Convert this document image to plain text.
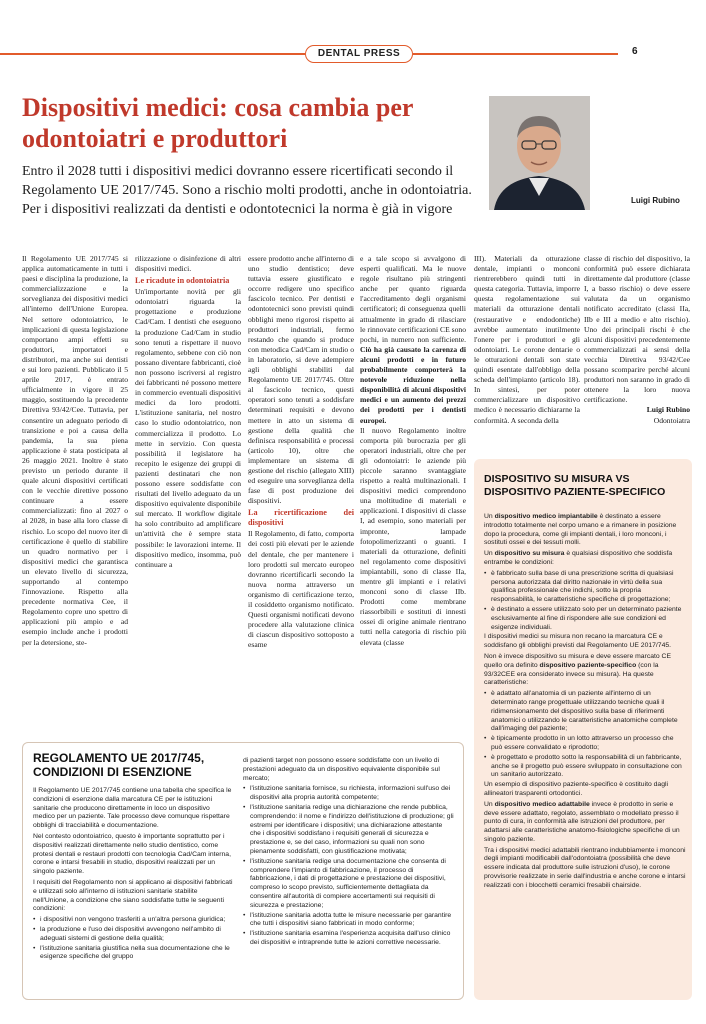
DENTAL PRESS	6
Dispositivi medici: cosa cambia per odontoiatri e produttori

Entro il 2028 tutti i dispositivi medici dovranno essere ricertificati secondo il Regolamento UE 2017/745. Sono a rischio molti prodotti, anche in odontoiatria. Per i dispositivi realizzati da dentisti e odontotecnici la norma è già in vigore

Luigi Rubino

Il Regolamento UE 2017/745 si applica automaticamente in tutti i paesi e disciplina la produzione, la commercializzazione e la sorveglianza dei dispositivi medici all'interno dell'Unione Europea. Nel settore odontoiatrico, le implicazioni di questa legislazione comportano ampi effetti su produttori, importatori e distributori, ma anche sui dentisti e sui loro pazienti. Pubblicato il 5 aprile 2017, è entrato ufficialmente in vigore il 25 maggio, sostituendo la precedente Direttiva 93/42/Cee. Tuttavia, per consentire un adeguato periodo di transizione e poi a causa della pandemia, la sua piena applicazione è stata posticipata al 26 maggio 2021. Inoltre è stato previsto un periodo durante il quale alcuni dispositivi certificati con le vecchie direttive possono continuare a essere commercializzati: fino al 2027 o al 2028, in base alla loro classe di rischio. Lo scopo del nuovo iter di certificazione è quello di stabilire un quadro normativo per i dispositivi medici che garantisca un elevato livello di sicurezza, supportando al contempo l'innovazione. Rispetto alla precedente normativa Cee, il Regolamento copre uno spettro di applicazioni più ampio e ad esempio include anche i prodotti per la detersione, ste-

rilizzazione o disinfezione di altri dispositivi medici.

Le ricadute in odontoiatria

Un'importante novità per gli odontoiatri riguarda la progettazione e produzione Cad/Cam. I dentisti che eseguono la produzione Cad/Cam in studio sono tenuti a rispettare il nuovo regolamento, sebbene con ciò non possano diventare fabbricanti, cioè non possono iscriversi al registro dei fabbricanti né possono mettere in commercio eventuali dispositivi medici da loro prodotti. L'istituzione sanitaria, nel nostro caso lo studio odontoiatrico, non commercializza il prodotto. Lo mette in servizio. Con questa possibilità il legislatore ha recepito le esigenze dei gruppi di pazienti destinatari che non possono essere soddisfatte con risultati del livello adeguato da un dispositivo equivalente disponibile sul mercato. Il workflow digitale ha solo contribuito ad amplificare un'attività che è sempre stata possibile: le lavorazioni interne. Il dispositivo medico, insomma, può continuare a

essere prodotto anche all'interno di uno studio dentistico; deve tuttavia essere giustificato e occorre redigere uno specifico fascicolo tecnico. Per dentisti e odontotecnici sono previsti quindi obblighi meno rigorosi rispetto ai produttori industriali, fermo restando che quando si produce con metodica Cad/Cam in studio o in laboratorio, si deve adempiere agli obblighi stabiliti dal Regolamento UE 2017/745. Oltre al fascicolo tecnico, questi operatori sono tenuti a soddisfare determinati requisiti e devono mettere in atto un sistema di gestione della qualità che definisca responsabilità e processi (articolo 10), oltre che implementare un sistema di gestione del rischio (allegato XIII) ed eseguire una sorveglianza della fase di post produzione dei dispositivi.

La ricertificazione dei dispositivi

Il Regolamento, di fatto, comporta dei costi più elevati per le aziende del dentale, che per mantenere i loro prodotti sul mercato europeo dovranno ricertificarli secondo la nuova norma attraverso un organismo di certificazione terzo, il cosiddetto organismo notificato. Questi organismi notificati devono procedere alla valutazione clinica di ciascun dispositivo sottoposto a esame

e a tale scopo si avvalgono di esperti qualificati. Ma le nuove regole risultano più stringenti anche per quanto riguarda l'accreditamento degli organismi certificatori; di conseguenza quelli attualmente in grado di rilasciare le rinnovate certificazioni CE sono pochi, in numero non sufficiente. Ciò ha già causato la carenza di alcuni prodotti e in futuro probabilmente comporterà la notevole riduzione nella disponibilità di alcuni dispositivi medici e un aumento dei prezzi dei prodotti per i dentisti europei.

Il nuovo Regolamento inoltre comporta più burocrazia per gli operatori industriali, oltre che per gli odontoiatri: le aziende più piccole saranno svantaggiate rispetto a realtà multinazionali. I dispositivi medici comprendono una moltitudine di materiali e applicazioni. I dispositivi di classe I, ad esempio, sono materiali per impronte, lampade fotopolimerizzanti o guanti. I materiali da otturazione, definiti nel regolamento come dispositivi impiantabili, sono di classe IIa, mentre gli impianti e i relativi monconi sono di classe IIb. Prodotti come membrane riassorbibili e sostituti di innesti ossei di origine animale rientrano tutti nella categoria di rischio più elevata (classe

III). Materiali da otturazione dentale, impianti o monconi rientrerebbero quindi tutti in questa categoria. Tuttavia, imporre questa regolamentazione sui materiali da otturazione dentali (restaurative e endodontiche) avrebbe aumentato inutilmente l'onere per i produttori e gli odontoiatri. Le corone dentarie o le otturazioni dentali son state quindi esentate dall'obbligo della scheda dell'impianto (articolo 18). In sintesi, per poter commercializzare un dispositivo medico è necessario dichiararne la conformità. A seconda della

classe di rischio del dispositivo, la conformità può essere dichiarata direttamente dal produttore (classe I, a basso rischio) o deve essere valutata da un organismo notificato accreditato (classi IIa, IIb e III a medio e alto rischio). Uno dei principali rischi è che alcuni dispositivi precedentemente commercializzati ai sensi della vecchia Direttiva 93/42/Cee possano scomparire perché alcuni produttori non saranno in grado di ottenere la loro nuova certificazione.

Luigi Rubino

Odontoiatra

REGOLAMENTO UE 2017/745, CONDIZIONI DI ESENZIONE

Il Regolamento UE 2017/745 contiene una tabella che specifica le condizioni di esenzione dalla marcatura CE per le istituzioni sanitarie che producono direttamente in loco un dispositivo medico per un paziente. Tale processo deve comunque rispettare obblighi di tracciabilità e documentazione.

Nel contesto odontoiatrico, questo è importante soprattutto per i dispositivi realizzati direttamente nello studio dentistico, come protesi dentali e restauri prodotti con tecnologia Cad/Cam interna, corone e intarsi fresabili in studio, dispositivi realizzati per un singolo paziente.

I requisiti del Regolamento non si applicano ai dispositivi fabbricati e utilizzati solo all'interno di istituzioni sanitarie stabilite nell'Unione, a condizione che siano soddisfatte tutte le seguenti condizioni:

• i dispositivi non vengono trasferiti a un'altra persona giuridica;
• la produzione e l'uso dei dispositivi avvengono nell'ambito di adeguati sistemi di gestione della qualità;
• l'istituzione sanitaria giustifica nella sua documentazione che le esigenze specifiche del gruppo

di pazienti target non possono essere soddisfatte con un livello di prestazioni adeguato da un dispositivo equivalente disponibile sul mercato;

• l'istituzione sanitaria fornisce, su richiesta, informazioni sull'uso dei dispositivi alla propria autorità competente;
• l'istituzione sanitaria redige una dichiarazione che rende pubblica, comprendendo: il nome e l'indirizzo dell'istituzione di produzione; gli estremi per identificare i dispositivi; una dichiarazione attestante che i dispositivi soddisfano i requisiti generali di sicurezza e prestazione e, se del caso, informazioni su quali non sono pienamente soddisfatti, con giustificazione motivata;
• l'istituzione sanitaria redige una documentazione che consenta di comprendere l'impianto di fabbricazione, il processo di fabbricazione, i dati di progettazione e prestazione dei dispositivi, compreso lo scopo previsto, sufficientemente dettagliata da consentire all'autorità di compiere accertamenti sui requisiti di sicurezza e prestazione;
• l'istituzione sanitaria adotta tutte le misure necessarie per garantire che tutti i dispositivi siano fabbricati in modo conforme;
• l'istituzione sanitaria esamina l'esperienza acquisita dall'uso clinico dei dispositivi e intraprende tutte le azioni correttive necessarie.
DISPOSITIVO SU MISURA VS DISPOSITIVO PAZIENTE-SPECIFICO

Un dispositivo medico impiantabile è destinato a essere introdotto totalmente nel corpo umano e a rimanere in posizione dopo la procedura, come gli impianti dentali, i loro monconi, i sostituti ossei e dei tessuti molli.

Un dispositivo su misura è qualsiasi dispositivo che soddisfa entrambe le condizioni:

• è fabbricato sulla base di una prescrizione scritta di qualsiasi persona autorizzata dal diritto nazionale in virtù della sua qualifica professionale che indichi, sotto la propria responsabilità, le caratteristiche specifiche di progettazione;
• è destinato a essere utilizzato solo per un determinato paziente esclusivamente al fine di rispondere alle sue condizioni ed esigenze individuali.

I dispositivi medici su misura non recano la marcatura CE e soddisfano gli obblighi previsti dal Regolamento UE 2017/745.

Non è invece dispositivo su misura e deve essere marcato CE quello ora definito dispositivo paziente-specifico (con la 93/32CEE era considerato invece su misura). Ha queste caratteristiche:

• è adattato all'anatomia di un paziente all'interno di un determinato range progettuale utilizzando tecniche quali il ridimensionamento del dispositivo sulla base di riferimenti anatomici o utilizzando le caratteristiche anatomiche complete dall'imaging del paziente;
• è tipicamente prodotto in un lotto attraverso un processo che può essere convalidato e riprodotto;
• è progettato e prodotto sotto la responsabilità di un fabbricante, anche se il progetto può essere sviluppato in consultazione con un sanitario autorizzato.

Un esempio di dispositivo paziente-specifico è costituito dagli allineatori trasparenti ortodontici.

Un dispositivo medico adattabile invece è prodotto in serie e deve essere adattato, regolato, assemblato o modellato presso il punto di cura, in conformità alle istruzioni del produttore, per adattarsi alle caratteristiche anatomo-fisiologiche specifiche di un singolo paziente.

Tra i dispositivi medici adattabili rientrano indubbiamente i monconi degli impianti modificabili dall'odontoiatra (possibilità che deve essere indicata dal produttore sulle istruzioni d'uso), le corone provvisorie realizzate in serie dall'industria e anche corone e intarsi realizzati con i blocchetti ceramici fresabili chairside.
